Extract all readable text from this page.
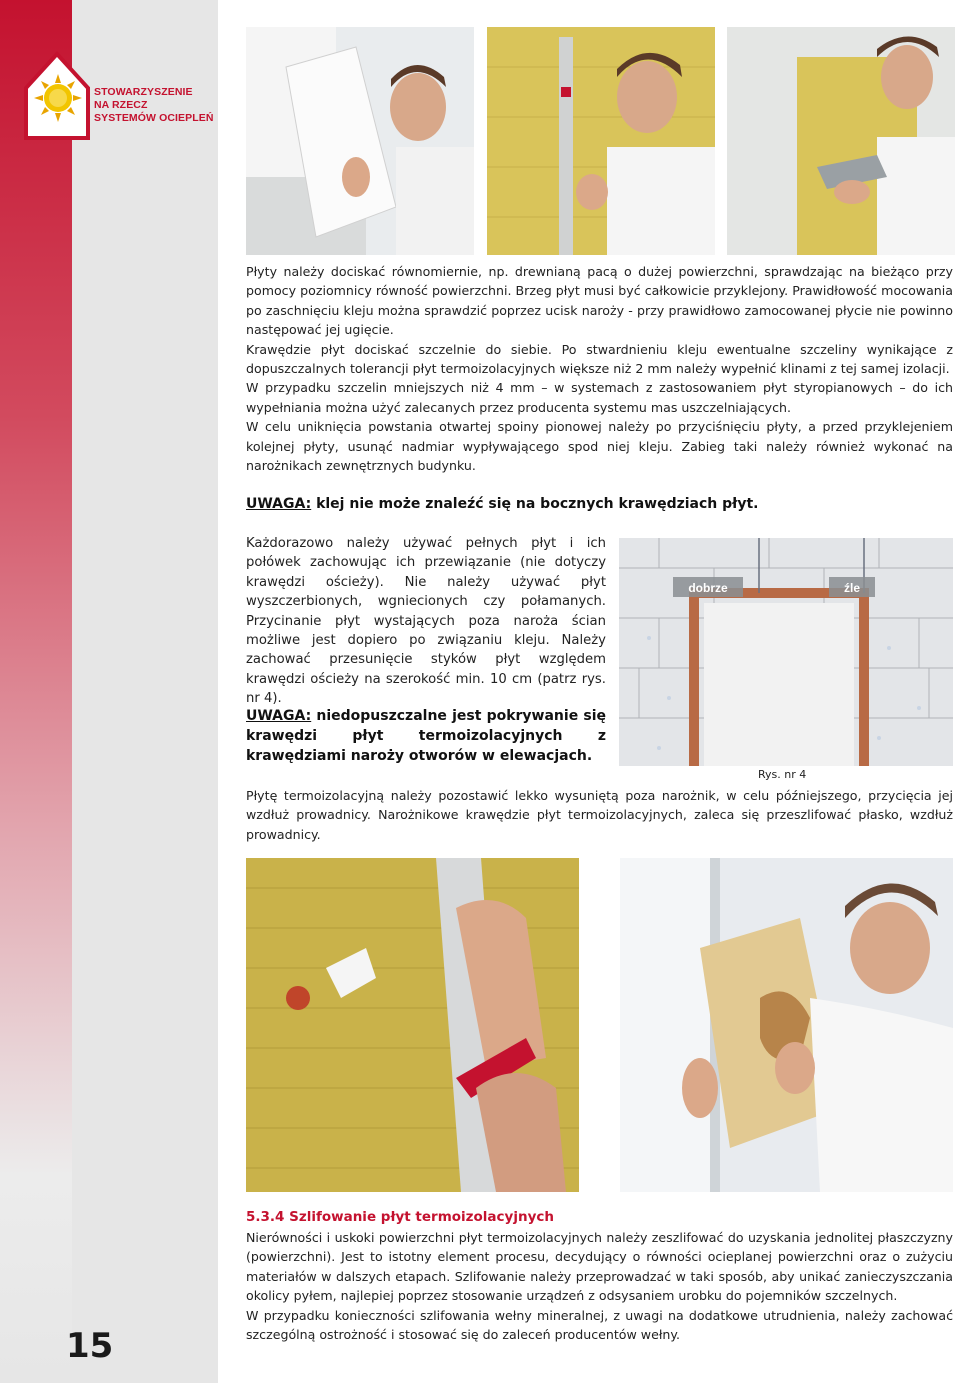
STOWARZYSZENIE
NA RZECZ
SYSTEMÓW OCIEPLEŃ
15

Płyty należy dociskać równomiernie, np. drewnianą pacą o dużej powierzchni, sprawdzając na bieżąco przy pomocy poziomnicy równość powierzchni. Brzeg płyt musi być całkowicie przyklejony. Prawidłowość mocowania po zaschnięciu kleju można sprawdzić poprzez ucisk naroży - przy prawidłowo zamocowanej płycie nie powinno następować jej ugięcie.

Krawędzie płyt dociskać szczelnie do siebie. Po stwardnieniu kleju ewentualne szczeliny wynikające z dopuszczalnych tolerancji płyt termoizolacyjnych większe niż 2 mm należy wypełnić klinami z tej samej izolacji.

W przypadku szczelin mniejszych niż 4 mm – w systemach z zastosowaniem płyt styropianowych – do ich wypełniania można użyć zalecanych przez producenta systemu mas uszczelniających.

W celu uniknięcia powstania otwartej spoiny pionowej należy po przyciśnięciu płyty, a przed przyklejeniem kolejnej płyty, usunąć nadmiar wypływającego spod niej kleju. Zabieg taki należy również wykonać na narożnikach zewnętrznych budynku.

UWAGA: klej nie może znaleźć się na bocznych krawędziach płyt.

Każdorazowo należy używać pełnych płyt i ich połówek zachowując ich przewiązanie (nie dotyczy krawędzi ościeży). Nie należy używać płyt wyszczerbionych, wgniecionych czy połamanych. Przycinanie płyt wystających poza naroża ścian możliwe jest dopiero po związaniu kleju. Należy zachować przesunięcie styków płyt względem krawędzi ościeży na szerokość min. 10 cm (patrz rys. nr 4).

UWAGA: niedopuszczalne jest pokrywanie się krawędzi płyt termoizolacyjnych z krawędziami naroży otworów w elewacjach.
dobrze	źle
Rys. nr 4

Płytę termoizolacyjną należy pozostawić lekko wysuniętą poza narożnik, w celu późniejszego, przycięcia jej wzdłuż prowadnicy. Narożnikowe krawędzie płyt termoizolacyjnych, zaleca się przeszlifować płasko, wzdłuż prowadnicy.

5.3.4 Szlifowanie płyt termoizolacyjnych

Nierówności i uskoki powierzchni płyt termoizolacyjnych należy zeszlifować do uzyskania jednolitej płaszczyzny (powierzchni). Jest to istotny element procesu, decydujący o równości ocieplanej powierzchni oraz o zużyciu materiałów w dalszych etapach. Szlifowanie należy przeprowadzać w taki sposób, aby unikać zanieczyszczania okolicy pyłem, najlepiej poprzez stosowanie urządzeń z odsysaniem urobku do pojemników szczelnych.

W przypadku konieczności szlifowania wełny mineralnej, z uwagi na dodatkowe utrudnienia, należy zachować szczególną ostrożność i stosować się do zaleceń producentów wełny.
